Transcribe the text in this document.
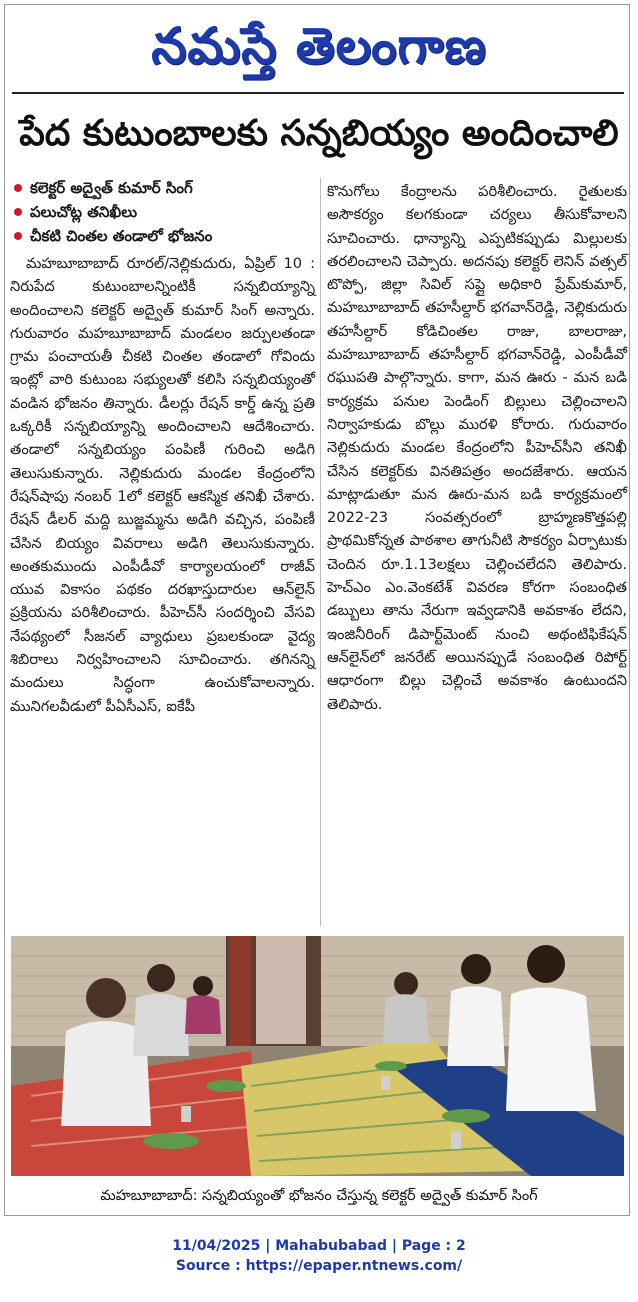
నమస్తే తెలంగాణ
పేద కుటుంబాలకు సన్నబియ్యం అందించాలి
కలెక్టర్ అద్వైత్ కుమార్ సింగ్
పలుచోట్ల తనిఖీలు
చీకటి చింతల తండాలో భోజనం

మహబూబాబాద్ రూరల్/నెల్లికుదురు, ఏప్రిల్ 10 : నిరుపేద కుటుంబాలన్నింటికీ సన్నబియ్యాన్ని అందించాలని కలెక్టర్ అద్వైత్ కుమార్ సింగ్ అన్నారు. గురువారం మహబూబాబాద్ మండలం జర్పులతండా గ్రామ పంచాయతీ చీకటి చింతల తండాలో గోవిందు ఇంట్లో వారి కుటుంబ సభ్యులతో కలిసి సన్నబియ్యంతో వండిన భోజనం తిన్నారు. డీలర్లు రేషన్ కార్డ్ ఉన్న ప్రతి ఒక్కరికీ సన్నబియ్యాన్ని అందించాలని ఆదేశించారు. తండాలో సన్నబియ్యం పంపిణీ గురించి అడిగి తెలుసుకున్నారు. నెల్లికుదురు మండల కేంద్రంలోని రేషన్‌షాపు నంబర్ 1లో కలెక్టర్ ఆకస్మిక తనిఖీ చేశారు. రేషన్ డీలర్ మద్ది బుజ్జమ్మను అడిగి వచ్చిన, పంపిణీ చేసిన బియ్యం వివరాలు అడిగి తెలుసుకున్నారు. అంతకుముందు ఎంపీడీవో కార్యాలయంలో రాజీవ్ యువ వికాసం పథకం దరఖాస్తుదారుల ఆన్‌లైన్ ప్రక్రియను పరిశీలించారు. పీహెచ్‌సీ సందర్శించి వేసవి నేపథ్యంలో సీజనల్ వ్యాధులు ప్రబలకుండా వైద్య శిబిరాలు నిర్వహించాలని సూచించారు. తగినన్ని మందులు సిద్ధంగా ఉంచుకోవాలన్నారు. మునిగలవీడులో పీఏసీఎస్, ఐకేపీ

కొనుగోలు కేంద్రాలను పరిశీలించారు. రైతులకు అసౌకర్యం కలగకుండా చర్యలు తీసుకోవాలని సూచించారు. ధాన్యాన్ని ఎప్పటికప్పుడు మిల్లులకు తరలించాలని చెప్పారు. అదనపు కలెక్టర్ లెనిన్ వత్సల్ టొప్పో, జిల్లా సివిల్ సప్లై అధికారి ప్రేమ్‌కుమార్, మహబూబాబాద్ తహసీల్దార్ భగవాన్‌రెడ్డి, నెల్లికుదురు తహసీల్దార్ కోడిచింతల రాజు, బాలరాజు, మహబూబాబాద్ తహసీల్దార్ భగవాన్‌రెడ్డి, ఎంపీడీవో రఘుపతి పాల్గొన్నారు. కాగా, మన ఊరు - మన బడి కార్యక్రమ పనుల పెండింగ్ బిల్లులు చెల్లించాలని నిర్వాహకుడు బొల్లు మురళి కోరారు. గురువారం నెల్లికుదురు మండల కేంద్రంలోని పీహెచ్‌సీని తనిఖీ చేసిన కలెక్టర్‌కు వినతిపత్రం అందజేశారు. ఆయన మాట్లాడుతూ మన ఊరు-మన బడి కార్యక్రమంలో 2022-23 సంవత్సరంలో బ్రాహ్మణకొత్తపల్లి ప్రాథమికోన్నత పాఠశాల తాగునీటి సౌకర్యం ఏర్పాటుకు చెందిన రూ.1.13లక్షలు చెల్లించలేదని తెలిపారు. హెచ్‌ఎం ఎం.వెంకటేశ్ వివరణ కోరగా సంబంధిత డబ్బులు తాను నేరుగా ఇవ్వడానికి అవకాశం లేదని, ఇంజినీరింగ్ డిపార్ట్‌మెంట్ నుంచి అథంటిఫికేషన్ ఆన్‌లైన్‌లో జనరేట్ అయినప్పుడే సంబంధిత రిపోర్ట్ ఆధారంగా బిల్లు చెల్లించే అవకాశం ఉంటుందని తెలిపారు.

మహబూబాబాద్: సన్నబియ్యంతో భోజనం చేస్తున్న కలెక్టర్ అద్వైత్ కుమార్ సింగ్
11/04/2025 | Mahabubabad | Page : 2
Source : https://epaper.ntnews.com/
